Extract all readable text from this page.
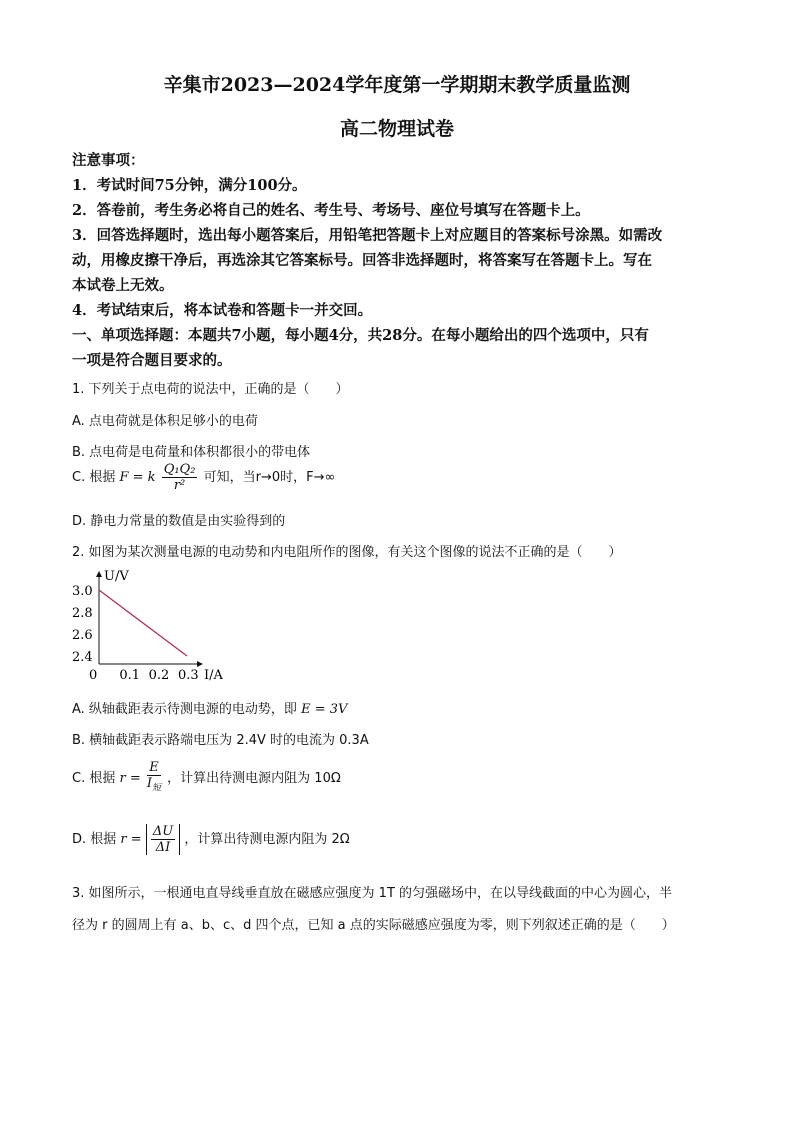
辛集市2023—2024学年度第一学期期末教学质量监测
高二物理试卷
注意事项：
1．考试时间75分钟，满分100分。
2．答卷前，考生务必将自己的姓名、考生号、考场号、座位号填写在答题卡上。
3．回答选择题时，选出每小题答案后，用铅笔把答题卡上对应题目的答案标号涂黑。如需改
动，用橡皮擦干净后，再选涂其它答案标号。回答非选择题时，将答案写在答题卡上。写在
本试卷上无效。
4．考试结束后，将本试卷和答题卡一并交回。
一、单项选择题：本题共7小题，每小题4分，共28分。在每小题给出的四个选项中，只有
一项是符合题目要求的。
1. 下列关于点电荷的说法中，正确的是（　　）
A. 点电荷就是体积足够小的电荷
B. 点电荷是电荷量和体积都很小的带电体
C. 根据 F = k $\frac{\text{Q₁Q₂}}{\text{r²}}$ 可知，当r→0时，F→∞
D. 静电力常量的数值是由实验得到的
2. 如图为某次测量电源的电动势和内电阻所作的图像，有关这个图像的说法不正确的是（　　）
U/V
I/A
3.0
2.8
2.6
2.4
0 0.1 0.2 0.3
A. 纵轴截距表示待测电源的电动势，即 E = 3V
B. 横轴截距表示路端电压为 2.4V 时的电流为 0.3A
C. 根据 $r = \frac{E}{I_短}$ ，计算出待测电源内阻为 10Ω
D. 根据 $r = \frac{\Delta U}{\Delta I}$ ，计算出待测电源内阻为 2Ω
3. 如图所示，一根通电直导线垂直放在磁感应强度为 1T 的匀强磁场中，在以导线截面的中心为圆心，半
径为 r 的圆周上有 a、b、c、d 四个点，已知 a 点的实际磁感应强度为零，则下列叙述正确的是（　　）
